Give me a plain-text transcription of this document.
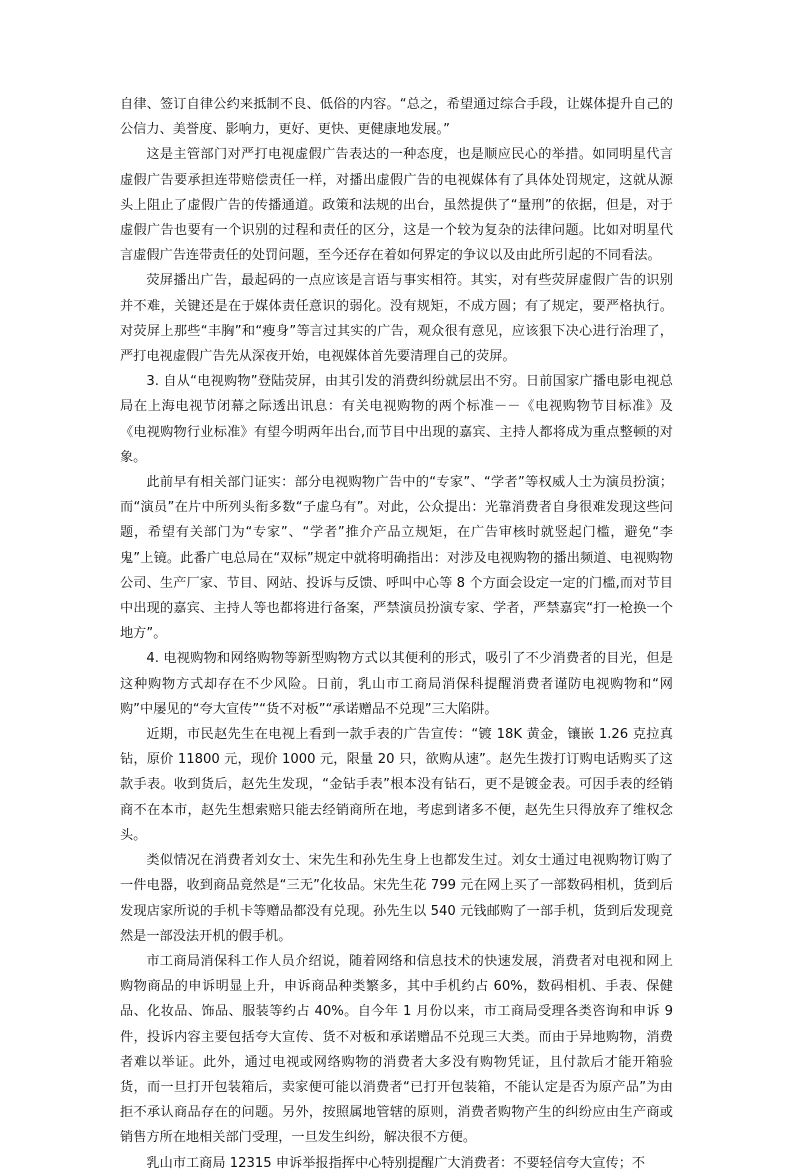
自律、签订自律公约来抵制不良、低俗的内容。“总之，希望通过综合手段，让媒体提升自己的公信力、美誉度、影响力，更好、更快、更健康地发展。”

这是主管部门对严打电视虚假广告表达的一种态度，也是顺应民心的举措。如同明星代言虚假广告要承担连带赔偿责任一样，对播出虚假广告的电视媒体有了具体处罚规定，这就从源头上阻止了虚假广告的传播通道。政策和法规的出台，虽然提供了“量刑”的依据，但是，对于虚假广告也要有一个识别的过程和责任的区分，这是一个较为复杂的法律问题。比如对明星代言虚假广告连带责任的处罚问题，至今还存在着如何界定的争议以及由此所引起的不同看法。

荧屏播出广告，最起码的一点应该是言语与事实相符。其实，对有些荧屏虚假广告的识别并不难，关键还是在于媒体责任意识的弱化。没有规矩，不成方圆；有了规定，要严格执行。对荧屏上那些“丰胸”和“瘦身”等言过其实的广告，观众很有意见，应该狠下决心进行治理了，严打电视虚假广告先从深夜开始，电视媒体首先要清理自己的荧屏。

3. 自从“电视购物”登陆荧屏，由其引发的消费纠纷就层出不穷。日前国家广播电影电视总局在上海电视节闭幕之际透出讯息：有关电视购物的两个标准－－《电视购物节目标准》及《电视购物行业标准》有望今明两年出台,而节目中出现的嘉宾、主持人都将成为重点整顿的对象。

此前早有相关部门证实：部分电视购物广告中的“专家”、“学者”等权威人士为演员扮演；而“演员”在片中所列头衔多数“子虚乌有”。对此，公众提出：光靠消费者自身很难发现这些问题，希望有关部门为“专家”、“学者”推介产品立规矩，在广告审核时就竖起门槛，避免“李鬼”上镜。此番广电总局在“双标”规定中就将明确指出：对涉及电视购物的播出频道、电视购物公司、生产厂家、节目、网站、投诉与反馈、呼叫中心等 8 个方面会设定一定的门槛,而对节目中出现的嘉宾、主持人等也都将进行备案，严禁演员扮演专家、学者，严禁嘉宾“打一枪换一个地方”。

4. 电视购物和网络购物等新型购物方式以其便利的形式，吸引了不少消费者的目光，但是这种购物方式却存在不少风险。日前，乳山市工商局消保科提醒消费者谨防电视购物和“网购”中屡见的“夸大宣传”“货不对板”“承诺赠品不兑现”三大陷阱。

近期，市民赵先生在电视上看到一款手表的广告宣传：“镀 18K 黄金，镶嵌 1.26 克拉真钻，原价 11800 元，现价 1000 元，限量 20 只，欲购从速”。赵先生拨打订购电话购买了这款手表。收到货后，赵先生发现，“金钻手表”根本没有钻石，更不是镀金表。可因手表的经销商不在本市，赵先生想索赔只能去经销商所在地，考虑到诸多不便，赵先生只得放弃了维权念头。

类似情况在消费者刘女士、宋先生和孙先生身上也都发生过。刘女士通过电视购物订购了一件电器，收到商品竟然是“三无”化妆品。宋先生花 799 元在网上买了一部数码相机，货到后发现店家所说的手机卡等赠品都没有兑现。孙先生以 540 元钱邮购了一部手机，货到后发现竟然是一部没法开机的假手机。

市工商局消保科工作人员介绍说，随着网络和信息技术的快速发展，消费者对电视和网上购物商品的申诉明显上升，申诉商品种类繁多，其中手机约占 60%，数码相机、手表、保健品、化妆品、饰品、服装等约占 40%。自今年 1 月份以来，市工商局受理各类咨询和申诉 9 件，投诉内容主要包括夸大宣传、货不对板和承诺赠品不兑现三大类。而由于异地购物，消费者难以举证。此外，通过电视或网络购物的消费者大多没有购物凭证，且付款后才能开箱验货，而一旦打开包装箱后，卖家便可能以消费者“已打开包装箱，不能认定是否为原产品”为由拒不承认商品存在的问题。另外，按照属地管辖的原则，消费者购物产生的纠纷应由生产商或销售方所在地相关部门受理，一旦发生纠纷，解决很不方便。

乳山市工商局 12315 申诉举报指挥中心特别提醒广大消费者：不要轻信夸大宣传；不
